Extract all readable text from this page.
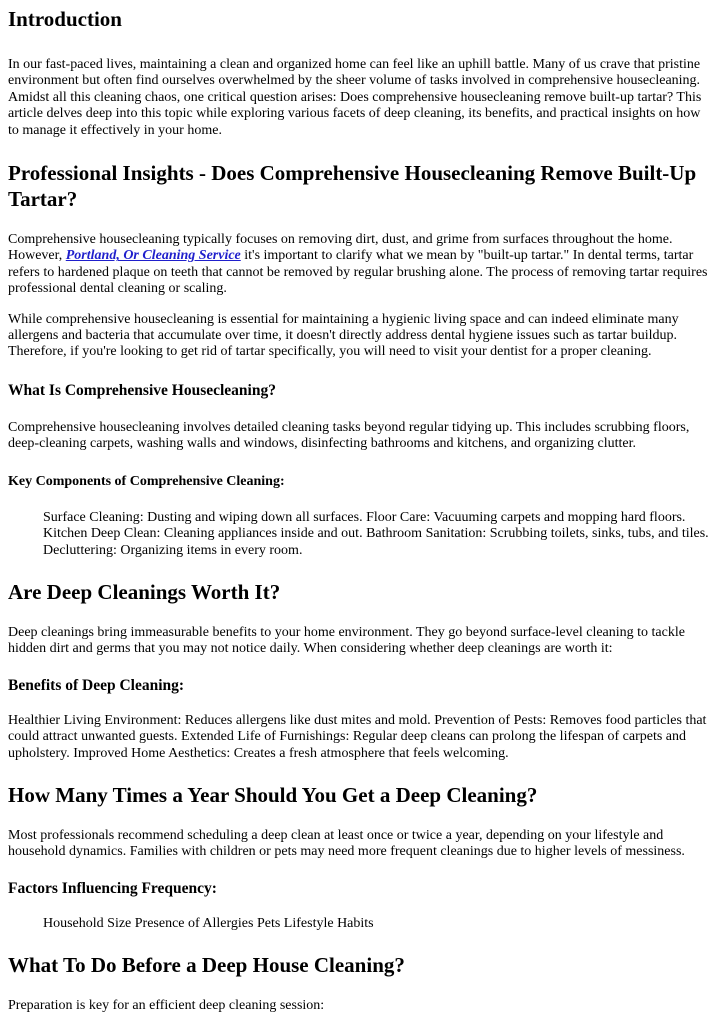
Introduction

In our fast-paced lives, maintaining a clean and organized home can feel like an uphill battle. Many of us crave that pristine environment but often find ourselves overwhelmed by the sheer volume of tasks involved in comprehensive housecleaning. Amidst all this cleaning chaos, one critical question arises: Does comprehensive housecleaning remove built-up tartar? This article delves deep into this topic while exploring various facets of deep cleaning, its benefits, and practical insights on how to manage it effectively in your home.

Professional Insights - Does Comprehensive Housecleaning Remove Built-Up Tartar?

Comprehensive housecleaning typically focuses on removing dirt, dust, and grime from surfaces throughout the home. However, Portland, Or Cleaning Service it's important to clarify what we mean by "built-up tartar." In dental terms, tartar refers to hardened plaque on teeth that cannot be removed by regular brushing alone. The process of removing tartar requires professional dental cleaning or scaling.

While comprehensive housecleaning is essential for maintaining a hygienic living space and can indeed eliminate many allergens and bacteria that accumulate over time, it doesn't directly address dental hygiene issues such as tartar buildup. Therefore, if you're looking to get rid of tartar specifically, you will need to visit your dentist for a proper cleaning.

What Is Comprehensive Housecleaning?

Comprehensive housecleaning involves detailed cleaning tasks beyond regular tidying up. This includes scrubbing floors, deep-cleaning carpets, washing walls and windows, disinfecting bathrooms and kitchens, and organizing clutter.

Key Components of Comprehensive Cleaning:

Surface Cleaning: Dusting and wiping down all surfaces. Floor Care: Vacuuming carpets and mopping hard floors. Kitchen Deep Clean: Cleaning appliances inside and out. Bathroom Sanitation: Scrubbing toilets, sinks, tubs, and tiles. Decluttering: Organizing items in every room.

Are Deep Cleanings Worth It?

Deep cleanings bring immeasurable benefits to your home environment. They go beyond surface-level cleaning to tackle hidden dirt and germs that you may not notice daily. When considering whether deep cleanings are worth it:

Benefits of Deep Cleaning:

Healthier Living Environment: Reduces allergens like dust mites and mold. Prevention of Pests: Removes food particles that could attract unwanted guests. Extended Life of Furnishings: Regular deep cleans can prolong the lifespan of carpets and upholstery. Improved Home Aesthetics: Creates a fresh atmosphere that feels welcoming.

How Many Times a Year Should You Get a Deep Cleaning?

Most professionals recommend scheduling a deep clean at least once or twice a year, depending on your lifestyle and household dynamics. Families with children or pets may need more frequent cleanings due to higher levels of messiness.

Factors Influencing Frequency:

Household Size Presence of Allergies Pets Lifestyle Habits

What To Do Before a Deep House Cleaning?

Preparation is key for an efficient deep cleaning session:
